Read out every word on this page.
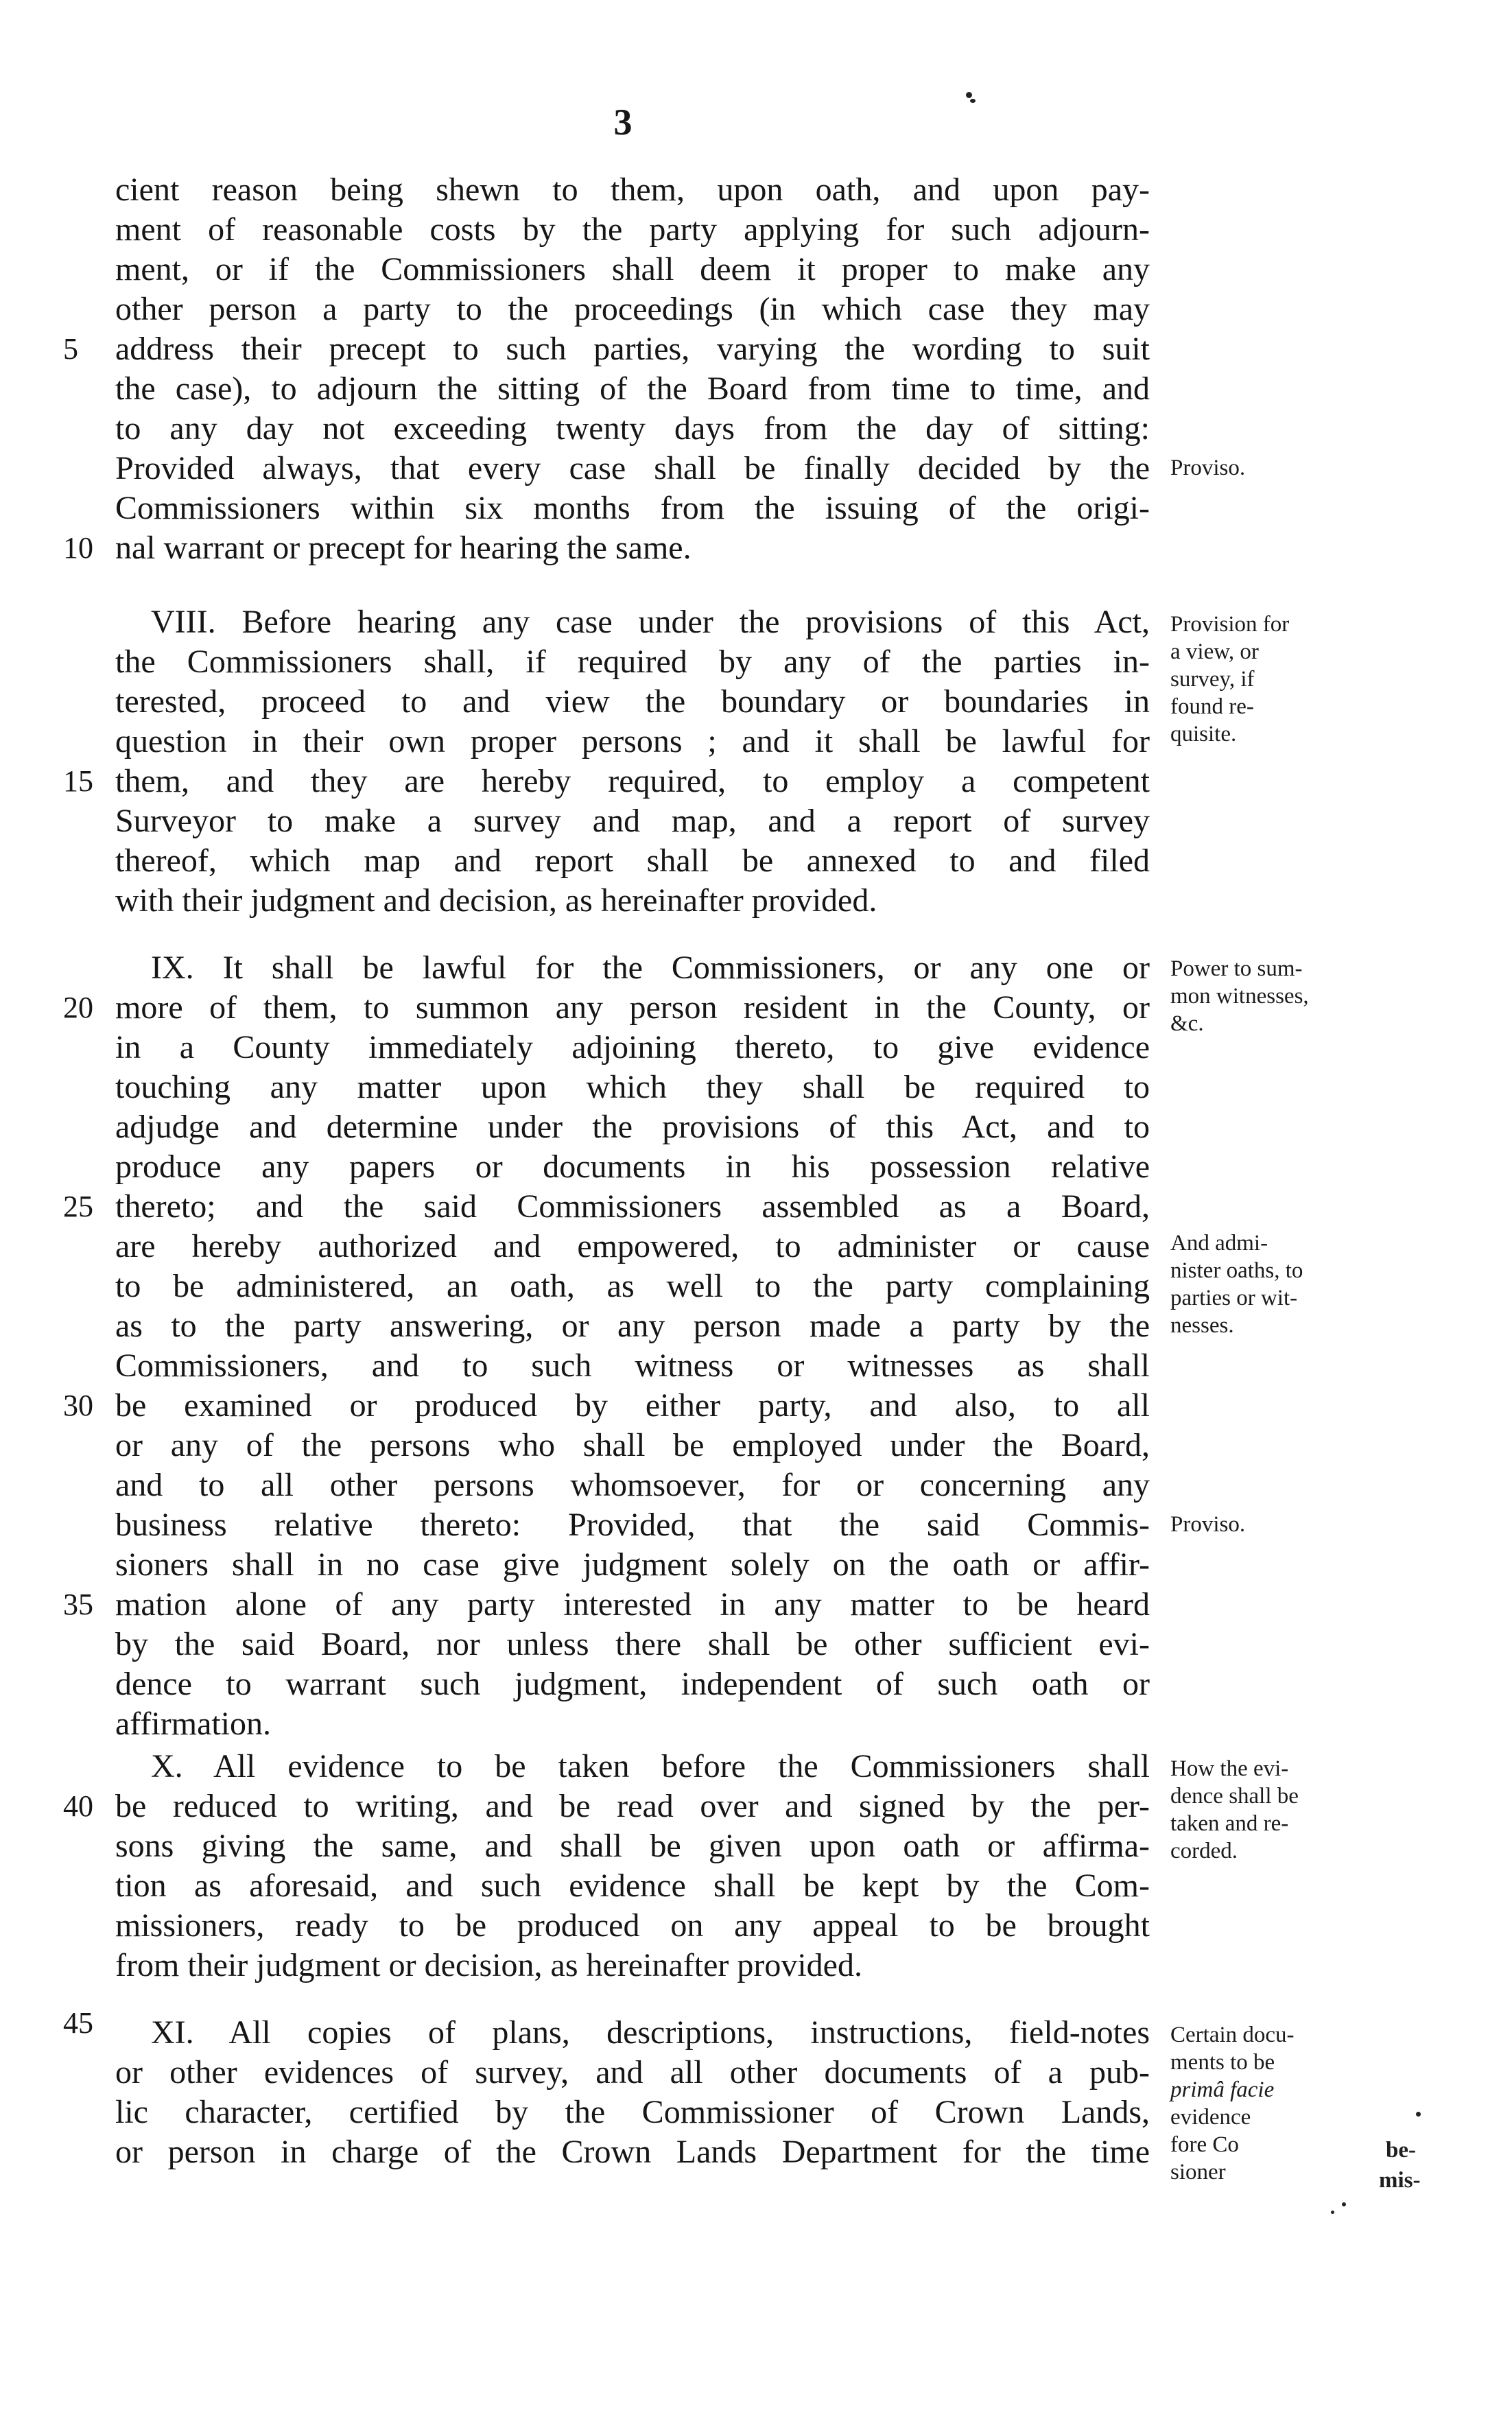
3
cient reason being shewn to them, upon oath, and upon pay-
ment of reasonable costs by the party applying for such adjourn-
ment, or if the Commissioners shall deem it proper to make any
other person a party to the proceedings (in which case they may
address their precept to such parties, varying the wording to suit
the case), to adjourn the sitting of the Board from time to time, and
to any day not exceeding twenty days from the day of sitting:
Provided always, that every case shall be finally decided by the
Commissioners within six months from the issuing of the origi-
nal warrant or precept for hearing the same.
VIII. Before hearing any case under the provisions of this Act,
the Commissioners shall, if required by any of the parties in-
terested, proceed to and view the boundary or boundaries in
question in their own proper persons ; and it shall be lawful for
them, and they are hereby required, to employ a competent
Surveyor to make a survey and map, and a report of survey
thereof, which map and report shall be annexed to and filed
with their judgment and decision, as hereinafter provided.
IX. It shall be lawful for the Commissioners, or any one or
more of them, to summon any person resident in the County, or
in a County immediately adjoining thereto, to give evidence
touching any matter upon which they shall be required to
adjudge and determine under the provisions of this Act, and to
produce any papers or documents in his possession relative
thereto; and the said Commissioners assembled as a Board,
are hereby authorized and empowered, to administer or cause
to be administered, an oath, as well to the party complaining
as to the party answering, or any person made a party by the
Commissioners, and to such witness or witnesses as shall
be examined or produced by either party, and also, to all
or any of the persons who shall be employed under the Board,
and to all other persons whomsoever, for or concerning any
business relative thereto: Provided, that the said Commis-
sioners shall in no case give judgment solely on the oath or affir-
mation alone of any party interested in any matter to be heard
by the said Board, nor unless there shall be other sufficient evi-
dence to warrant such judgment, independent of such oath or
affirmation.
X. All evidence to be taken before the Commissioners shall
be reduced to writing, and be read over and signed by the per-
sons giving the same, and shall be given upon oath or affirma-
tion as aforesaid, and such evidence shall be kept by the Com-
missioners, ready to be produced on any appeal to be brought
from their judgment or decision, as hereinafter provided.
XI. All copies of plans, descriptions, instructions, field-notes
or other evidences of survey, and all other documents of a pub-
lic character, certified by the Commissioner of Crown Lands,
or person in charge of the Crown Lands Department for the time
5
10
15
20
25
30
35
40
45
Proviso.
Provision for
a view, or
survey, if
found re-
quisite.
Power to sum-
mon witnesses,
&c.
And admi-
nister oaths, to
parties or wit-
nesses.
Proviso.
How the evi-
dence shall be
taken and re-
corded.
Certain docu-
ments to be
primâ facie
evidence
fore Co
sioner
be-
mis-
